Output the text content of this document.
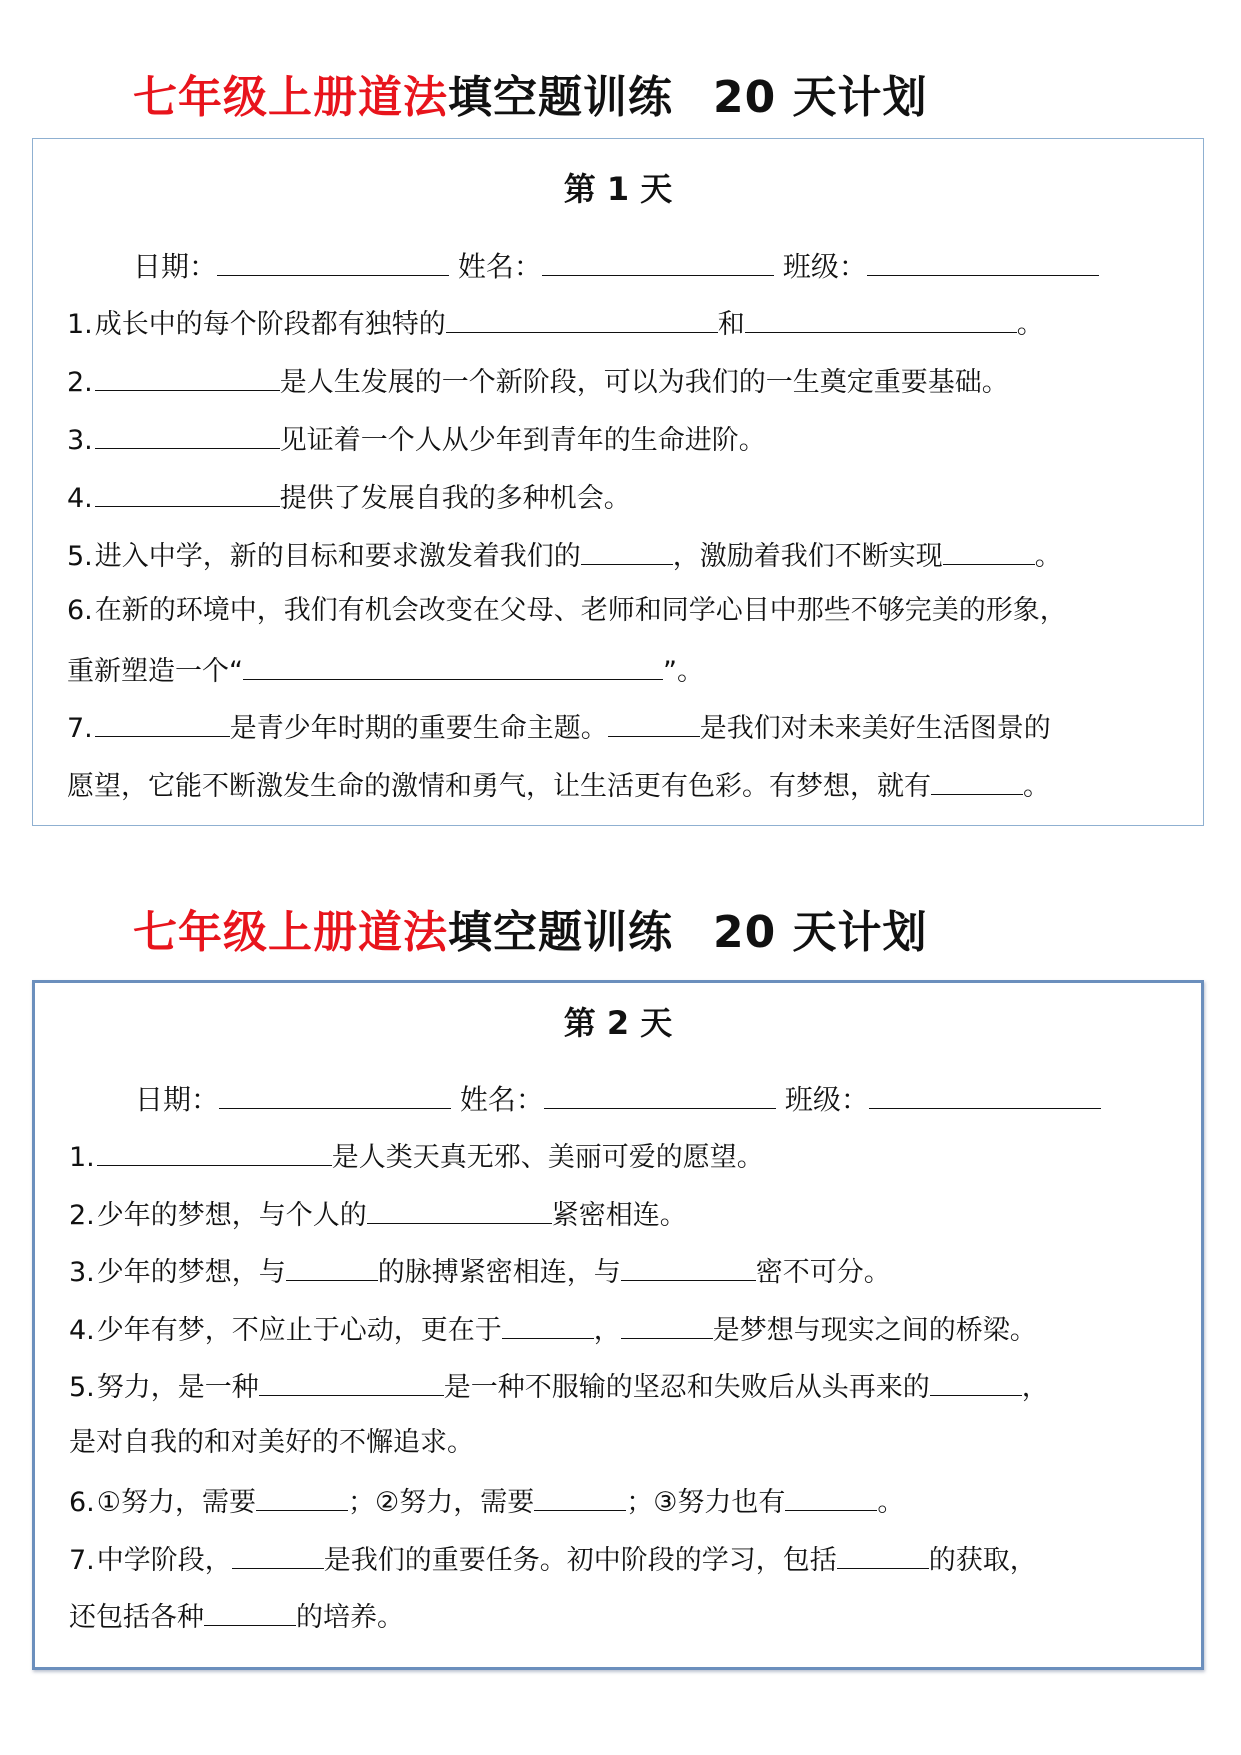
七年级上册道法填空题训练 20 天计划
第 1 天
日期：	姓名：	班级：
1.成长中的每个阶段都有独特的	和	。
2.	是人生发展的一个新阶段，可以为我们的一生奠定重要基础。
3.	见证着一个人从少年到青年的生命进阶。
4.	提供了发展自我的多种机会。
5.进入中学，新的目标和要求激发着我们的	，激励着我们不断实现	。
6.在新的环境中，我们有机会改变在父母、老师和同学心目中那些不够完美的形象，
重新塑造一个“	”。
7.	是青少年时期的重要生命主题。	是我们对未来美好生活图景的
愿望，它能不断激发生命的激情和勇气，让生活更有色彩。有梦想，就有	。
七年级上册道法填空题训练 20 天计划
第 2 天
日期：	姓名：	班级：
1.	是人类天真无邪、美丽可爱的愿望。
2.少年的梦想，与个人的	紧密相连。
3.少年的梦想，与	的脉搏紧密相连，与	密不可分。
4.少年有梦，不应止于心动，更在于	，	是梦想与现实之间的桥梁。
5.努力，是一种	是一种不服输的坚忍和失败后从头再来的	，
是对自我的和对美好的不懈追求。
6.①努力，需要	；②努力，需要	；③努力也有	。
7.中学阶段，	是我们的重要任务。初中阶段的学习，包括	的获取，
还包括各种	的培养。
